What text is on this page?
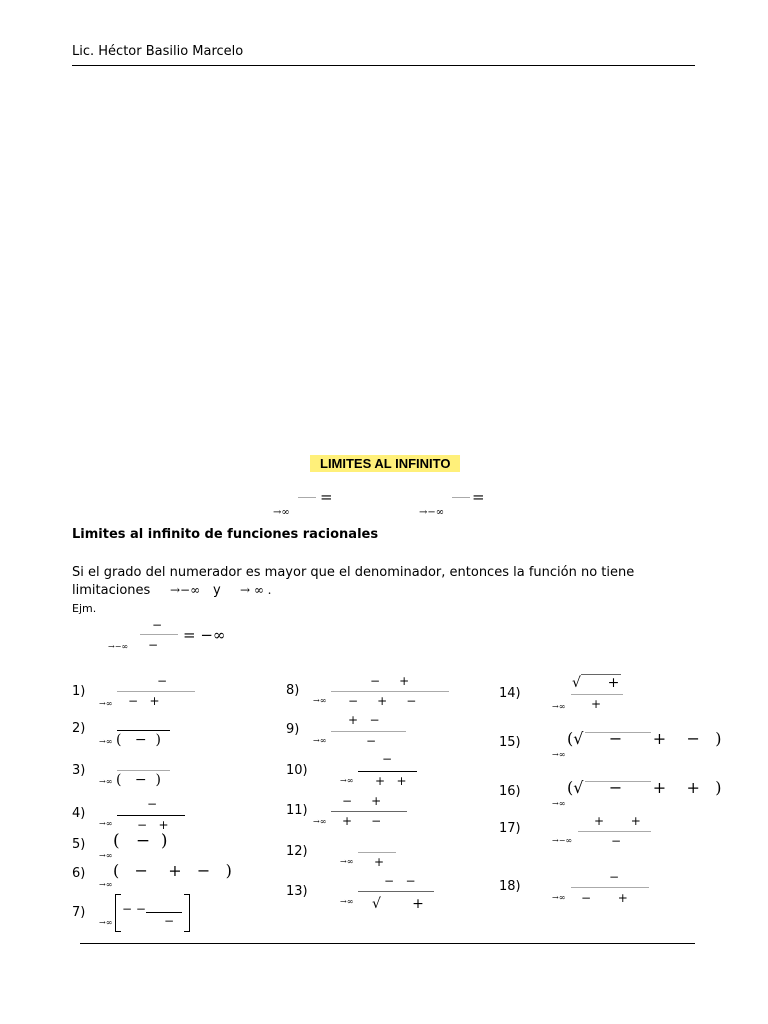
Lic. Héctor Basilio Marcelo
LIMITES AL INFINITO
=
→∞
=
→−∞
Limites al infinito de funciones racionales
Si el grado del numerador es mayor que el denominador, entonces la función no tiene
limitaciones →−∞ y → ∞ .
Ejm.
−
−
→−∞
= −∞
1)
−
−   +
→∞
2)
(   −  )
→∞
3)
(   −  )
→∞
4)
−
−   +
→∞
5) (   −  )
→∞
6) (   −    +   −   )
→∞
7)	− −
−
→∞
8)
−     +
−     +     −
→∞
9)
+   −
−
→∞
10)
−
+   +
→∞
11)
−     +
+     −
→∞
12)
+
→∞
13)
−   −
√       +
→∞
14)
√      +
+
→∞
15)	(√     −      +    −   )
→∞
16)	(√     −      +    +   )
→∞
17)	+       +
−
→−∞
18)
−
−       +
→∞
